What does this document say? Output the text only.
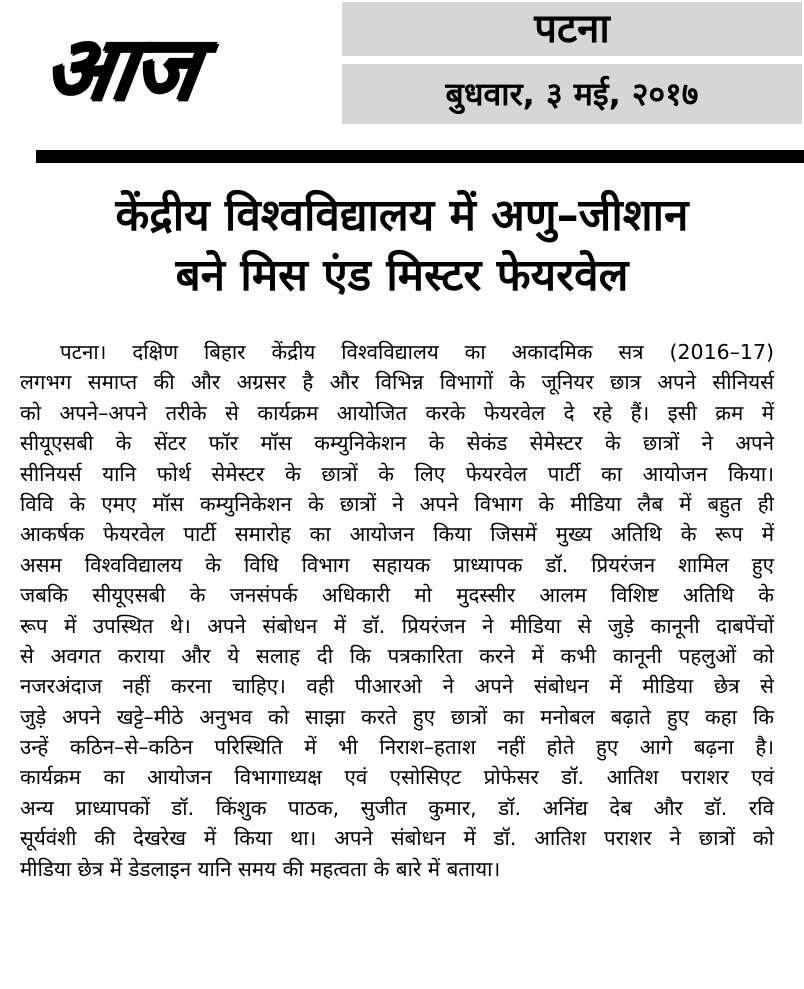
आज	पटना
बुधवार, ३ मई, २०१७
केंद्रीय विश्वविद्यालय में अणु–जीशान
बने मिस एंड मिस्टर फेयरवेल
पटना। दक्षिण बिहार केंद्रीय विश्वविद्यालय का अकादमिक सत्र (2016–17)
लगभग समाप्त की और अग्रसर है और विभिन्न विभागों के जूनियर छात्र अपने सीनियर्स
को अपने–अपने तरीके से कार्यक्रम आयोजित करके फेयरवेल दे रहे हैं। इसी क्रम में
सीयूएसबी के सेंटर फॉर मॉस कम्युनिकेशन के सेकंड सेमेस्टर के छात्रों ने अपने
सीनियर्स यानि फोर्थ सेमेस्टर के छात्रों के लिए फेयरवेल पार्टी का आयोजन किया।
विवि के एमए मॉस कम्युनिकेशन के छात्रों ने अपने विभाग के मीडिया लैब में बहुत ही
आकर्षक फेयरवेल पार्टी समारोह का आयोजन किया जिसमें मुख्य अतिथि के रूप में
असम विश्वविद्यालय के विधि विभाग सहायक प्राध्यापक डॉ. प्रियरंजन शामिल हुए
जबकि सीयूएसबी के जनसंपर्क अधिकारी मो मुदस्सीर आलम विशिष्ट अतिथि के
रूप में उपस्थित थे। अपने संबोधन में डॉ. प्रियरंजन ने मीडिया से जुड़े कानूनी दाबपेंचों
से अवगत कराया और ये सलाह दी कि पत्रकारिता करने में कभी कानूनी पहलुओं को
नजरअंदाज नहीं करना चाहिए। वही पीआरओ ने अपने संबोधन में मीडिया छेत्र से
जुड़े अपने खट्टे–मीठे अनुभव को साझा करते हुए छात्रों का मनोबल बढ़ाते हुए कहा कि
उन्हें कठिन–से–कठिन परिस्थिति में भी निराश–हताश नहीं होते हुए आगे बढ़ना है।
कार्यक्रम का आयोजन विभागाध्यक्ष एवं एसोसिएट प्रोफेसर डॉ. आतिश पराशर एवं
अन्य प्राध्यापकों डॉ. किंशुक पाठक, सुजीत कुमार, डॉ. अनिंद्य देब और डॉ. रवि
सूर्यवंशी की देखरेख में किया था। अपने संबोधन में डॉ. आतिश पराशर ने छात्रों को
मीडिया छेत्र में डेडलाइन यानि समय की महत्वता के बारे में बताया।
